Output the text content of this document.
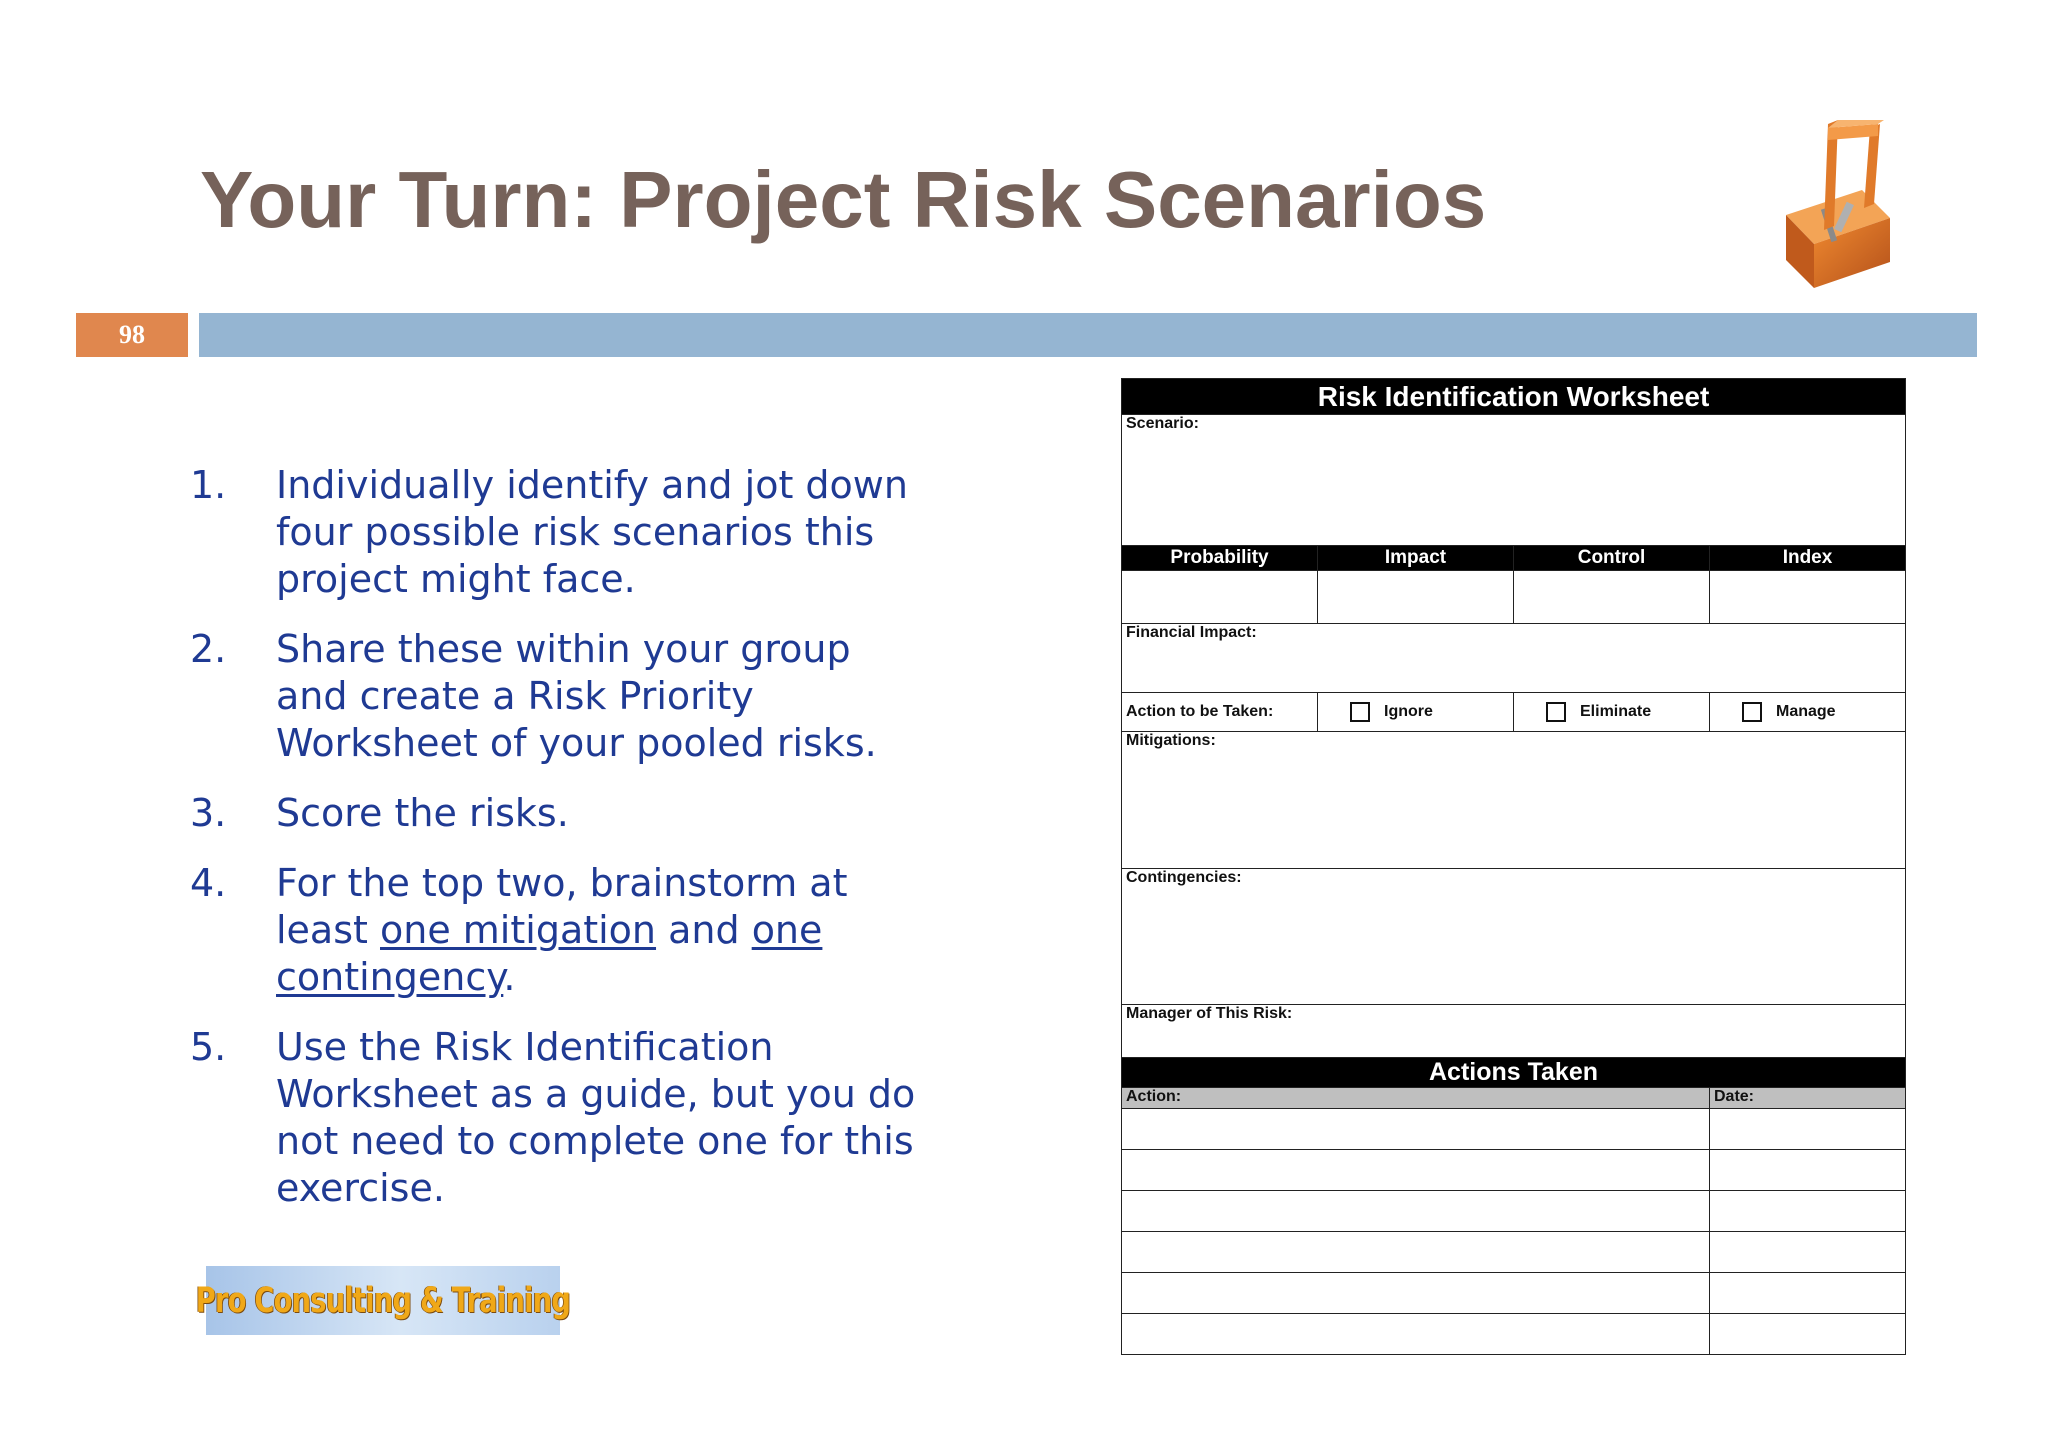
Your Turn: Project Risk Scenarios
98
1.	Individually identify and jot down
four possible risk scenarios this
project might face.
2.	Share these within your group
and create a Risk Priority
Worksheet of your pooled risks.
3.	Score the risks.
4.	For the top two, brainstorm at
least one mitigation and one
contingency.
5.	Use the Risk Identification
Worksheet as a guide, but you do
not need to complete one for this
exercise.
Pro Consulting & Training
Risk Identification Worksheet			
Scenario:			
Probability	Impact	Control	Index

Financial Impact:			
Action to be Taken:	Ignore	Eliminate	Manage

Mitigations:			
Contingencies:			
Manager of This Risk:			
Actions Taken			
Action:			Date:
